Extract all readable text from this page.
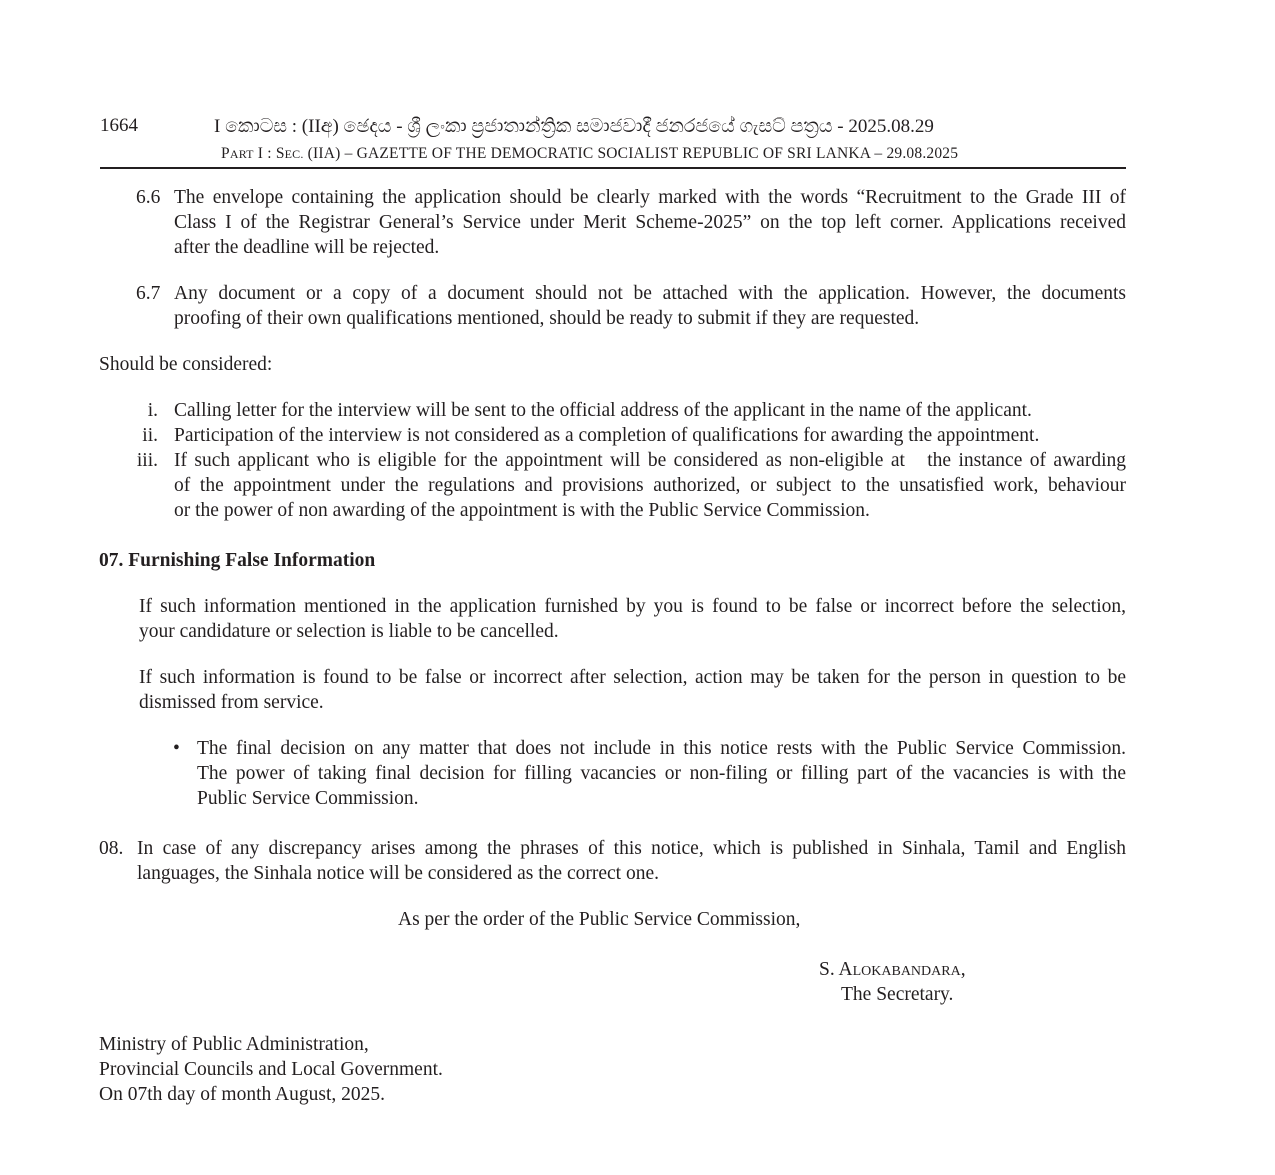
1664	I කොටස : (IIඅ) ඡෙදය - ශ්‍රී ලංකා ප්‍රජාතාන්ත්‍රික සමාජවාදී ජනරජයේ ගැසට් පත්‍රය - 2025.08.29
PART I : SEC. (IIA) – GAZETTE OF THE DEMOCRATIC SOCIALIST REPUBLIC OF SRI LANKA – 29.08.2025
6.6 The envelope containing the application should be clearly marked with the words “Recruitment to the Grade III of
Class I of the Registrar General’s Service under Merit Scheme-2025” on the top left corner. Applications received
after the deadline will be rejected.
6.7 Any document or a copy of a document should not be attached with the application. However, the documents
proofing of their own qualifications mentioned, should be ready to submit if they are requested.
Should be considered:
i. Calling letter for the interview will be sent to the official address of the applicant in the name of the applicant.
ii. Participation of the interview is not considered as a completion of qualifications for awarding the appointment.
iii. If such applicant who is eligible for the appointment will be considered as non-eligible at   the instance of awarding
of the appointment under the regulations and provisions authorized, or subject to the unsatisfied work, behaviour
or the power of non awarding of the appointment is with the Public Service Commission.
07. Furnishing False Information
If such information mentioned in the application furnished by you is found to be false or incorrect before the selection,
your candidature or selection is liable to be cancelled.
If such information is found to be false or incorrect after selection, action may be taken for the person in question to be
dismissed from service.
• The final decision on any matter that does not include in this notice rests with the Public Service Commission.
The power of taking final decision for filling vacancies or non-filing or filling part of the vacancies is with the
Public Service Commission.
08. In case of any discrepancy arises among the phrases of this notice, which is published in Sinhala, Tamil and English
languages, the Sinhala notice will be considered as the correct one.
As per the order of the Public Service Commission,
S. Alokabandara,
The Secretary.
Ministry of Public Administration,
Provincial Councils and Local Government.
On 07th day of month August, 2025.
